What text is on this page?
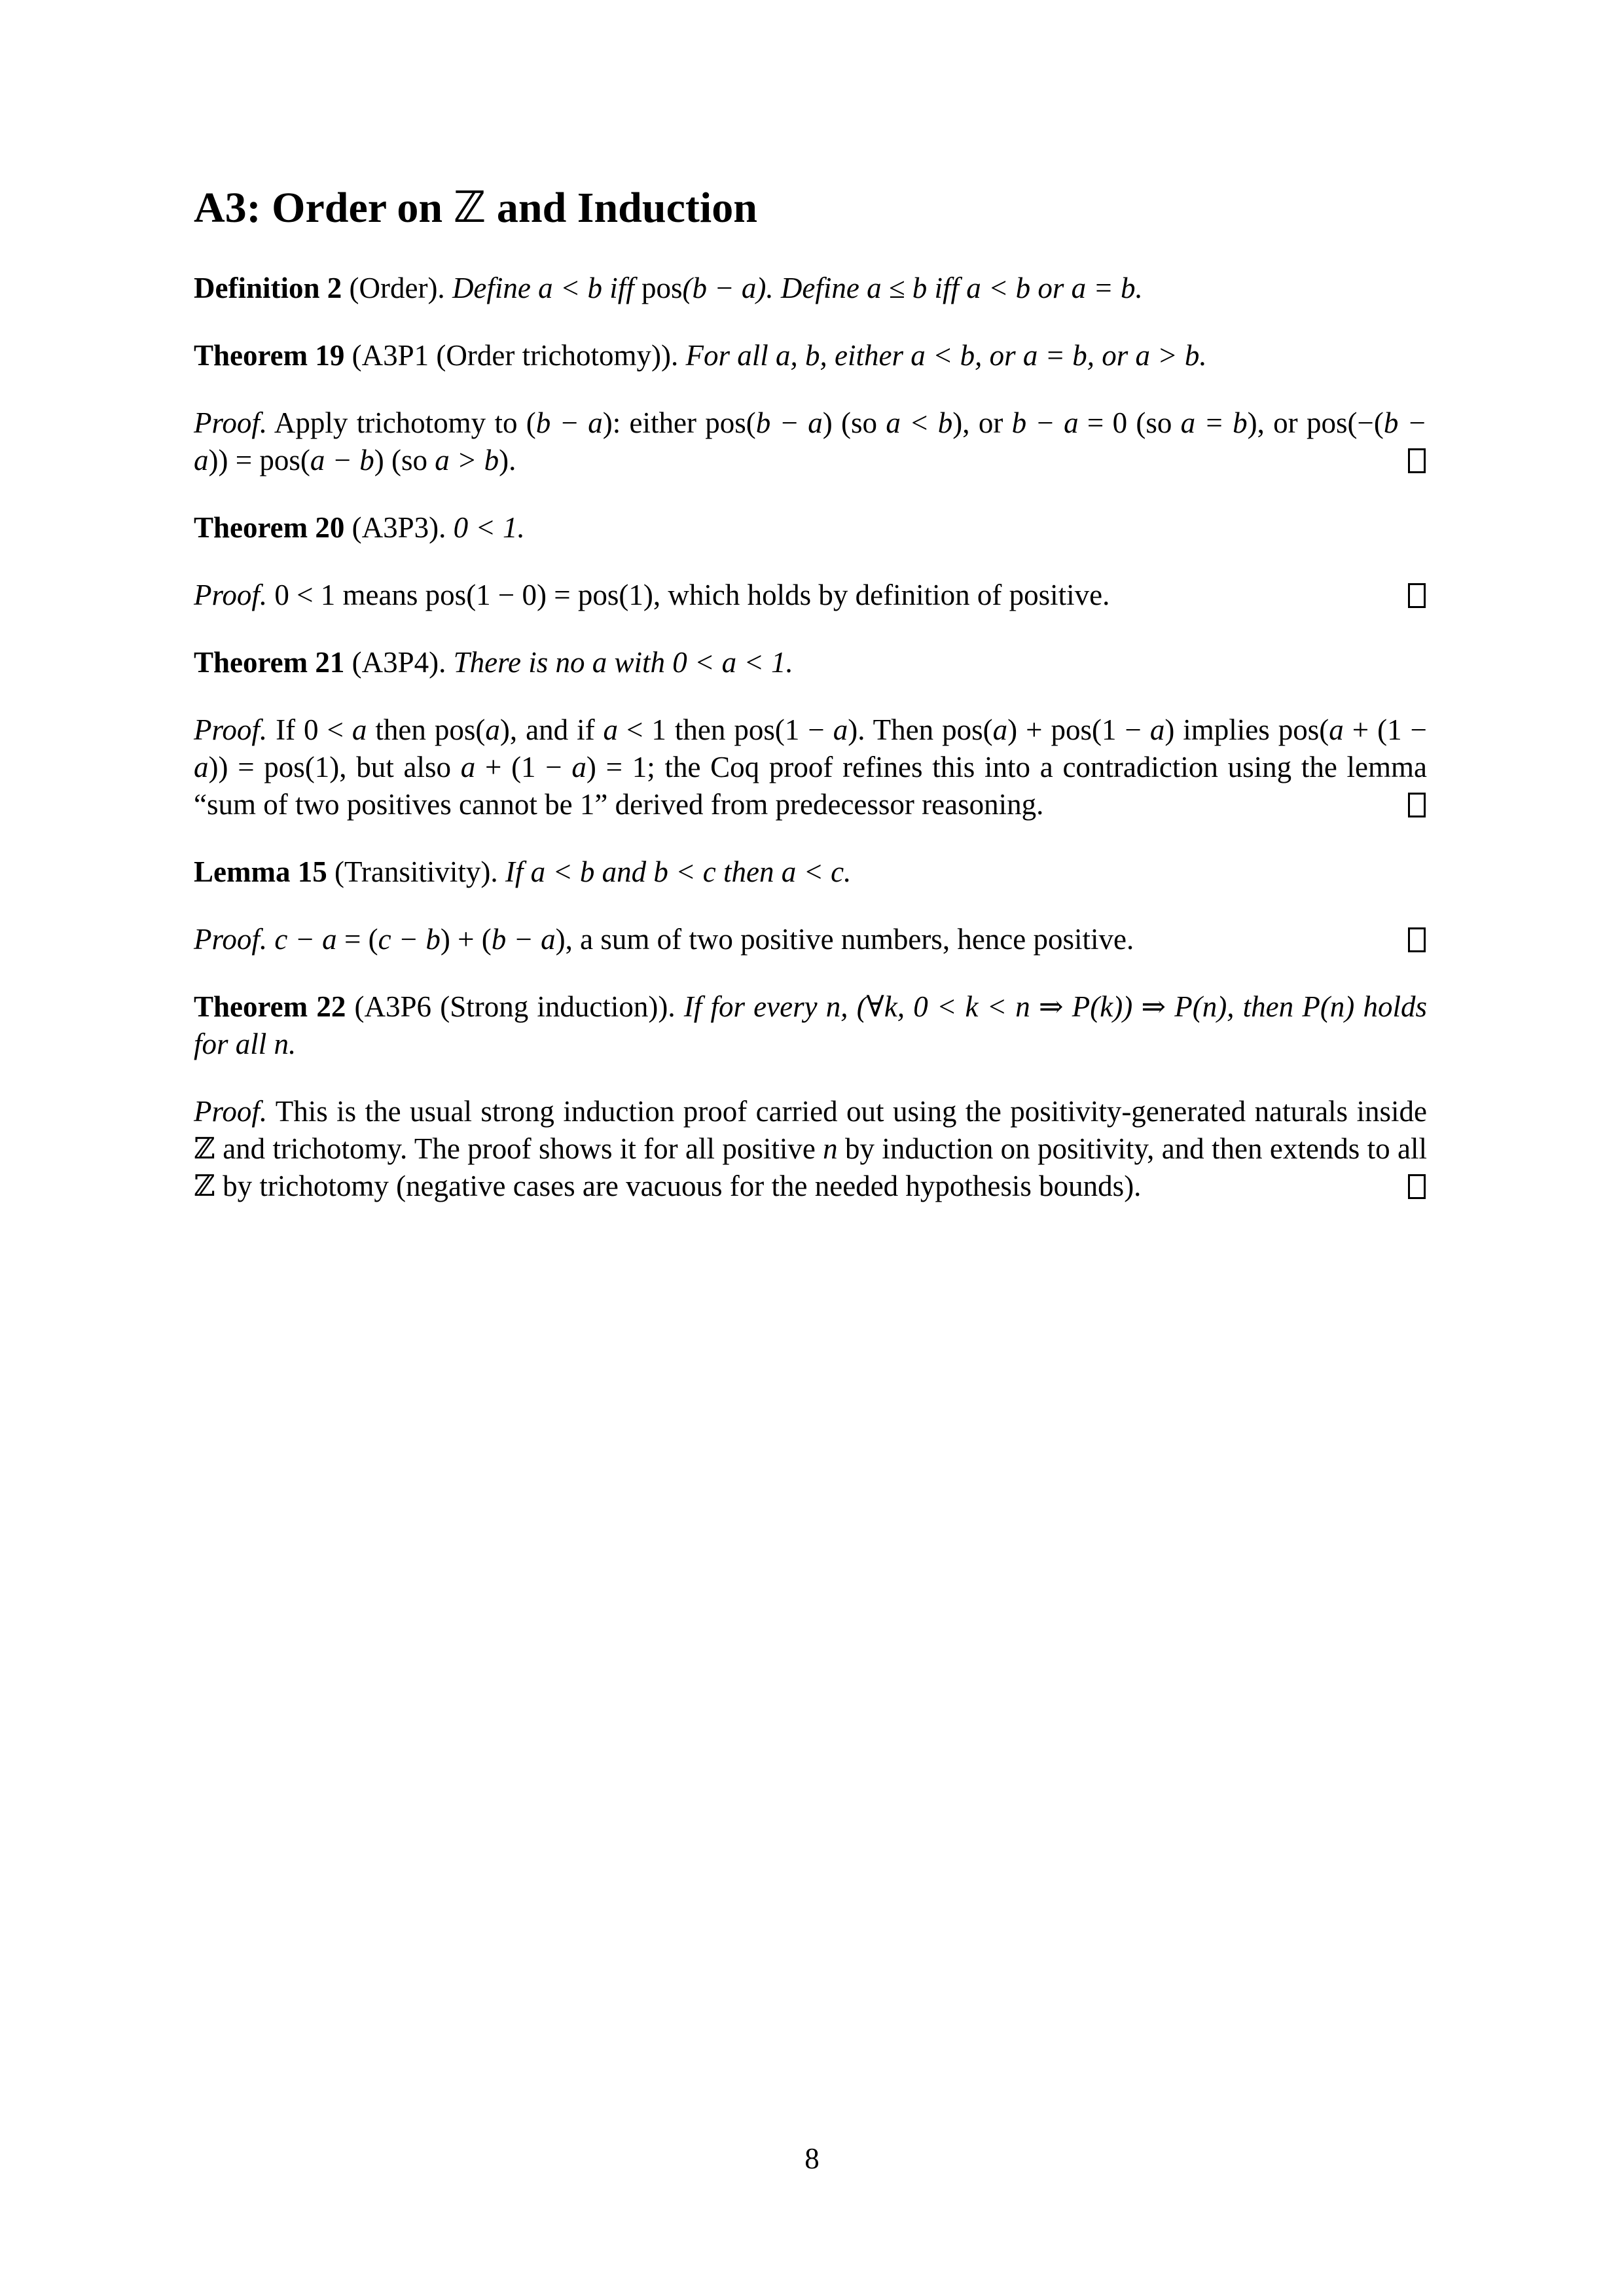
A3: Order on ℤ and Induction

Definition 2 (Order). Define a < b iff pos(b − a). Define a ≤ b iff a < b or a = b.

Theorem 19 (A3P1 (Order trichotomy)). For all a, b, either a < b, or a = b, or a > b.

Proof.
Apply trichotomy to (b − a): either pos(b − a) (so a < b), or b − a = 0 (so a = b), or pos(−(b − a)) = pos(a − b) (so a > b).

Theorem 20 (A3P3). 0 < 1.

Proof.
0 < 1 means pos(1 − 0) = pos(1), which holds by definition of positive.

Theorem 21 (A3P4). There is no a with 0 < a < 1.

Proof.
If 0 < a then pos(a), and if a < 1 then pos(1 − a). Then pos(a) + pos(1 − a) implies pos(a + (1 − a)) = pos(1), but also a + (1 − a) = 1; the Coq proof refines this into a contradiction using the lemma “sum of two positives cannot be 1” derived from predecessor reasoning.

Lemma 15 (Transitivity). If a < b and b < c then a < c.

Proof. c − a = (c − b) + (b − a), a sum of two positive numbers, hence positive.

Theorem 22 (A3P6 (Strong induction)). If for every n, (∀k, 0 < k < n ⇒ P(k)) ⇒ P(n), then P(n) holds for all n.

Proof.
This is the usual strong induction proof carried out using the positivity-generated naturals inside ℤ and trichotomy. The proof shows it for all positive n by induction on positivity, and then extends to all ℤ by trichotomy (negative cases are vacuous for the needed hypothesis bounds).

8
